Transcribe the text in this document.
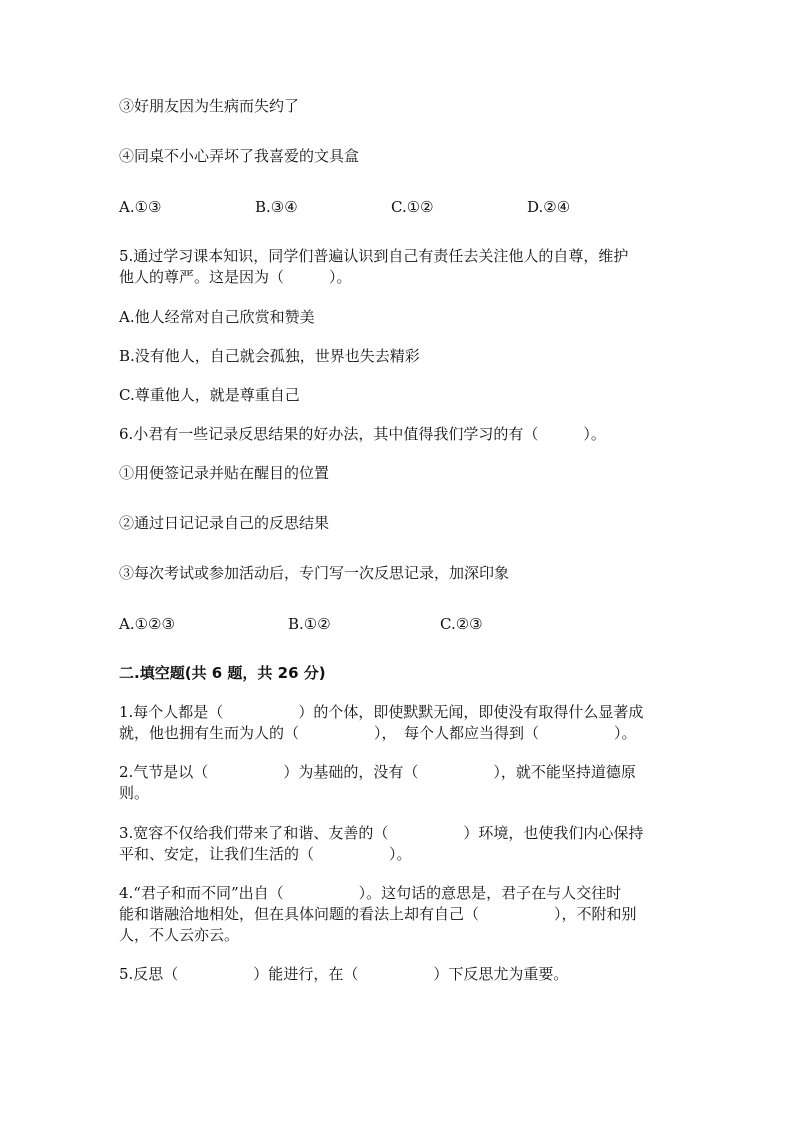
③好朋友因为生病而失约了
④同桌不小心弄坏了我喜爱的文具盒
A.①③	B.③④	C.①②	D.②④
5.通过学习课本知识，同学们普遍认识到自己有责任去关注他人的自尊，维护
他人的尊严。这是因为（　　　）。
A.他人经常对自己欣赏和赞美
B.没有他人，自己就会孤独，世界也失去精彩
C.尊重他人，就是尊重自己
6.小君有一些记录反思结果的好办法，其中值得我们学习的有（　　　）。
①用便签记录并贴在醒目的位置
②通过日记记录自己的反思结果
③每次考试或参加活动后，专门写一次反思记录，加深印象
A.①②③	B.①②	C.②③
二.填空题(共 6 题，共 26 分)
1.每个人都是（　　　　　）的个体，即使默默无闻，即使没有取得什么显著成
就，他也拥有生而为人的（　　　　　），　每个人都应当得到（　　　　　）。
2.气节是以（　　　　　）为基础的，没有（　　　　　），就不能坚持道德原
则。
3.宽容不仅给我们带来了和谐、友善的（　　　　　）环境，也使我们内心保持
平和、安定，让我们生活的（　　　　　）。
4.“君子和而不同”出自（　　　　　）。这句话的意思是，君子在与人交往时
能和谐融洽地相处，但在具体问题的看法上却有自己（　　　　　），不附和别
人，不人云亦云。
5.反思（　　　　　）能进行，在（　　　　　）下反思尤为重要。
